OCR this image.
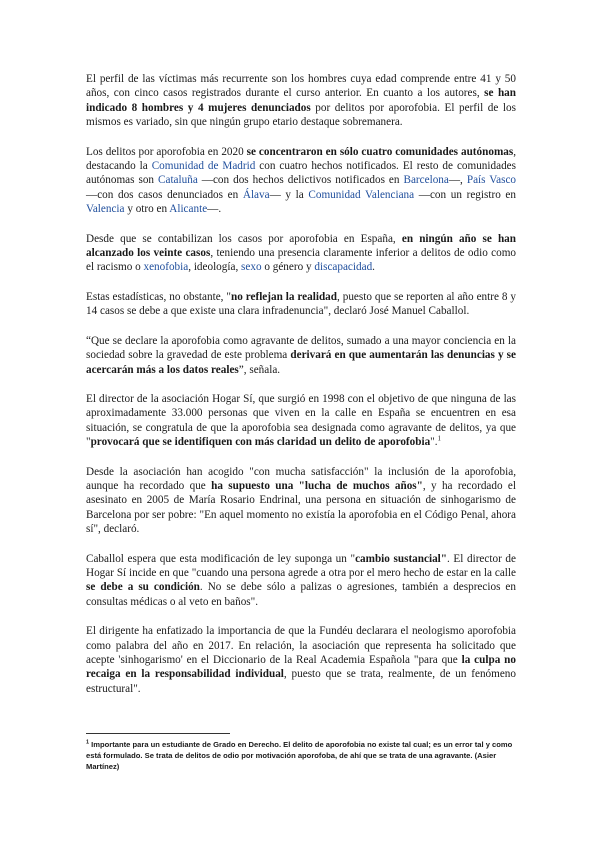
El perfil de las víctimas más recurrente son los hombres cuya edad comprende entre 41 y 50 años, con cinco casos registrados durante el curso anterior. En cuanto a los autores, se han indicado 8 hombres y 4 mujeres denunciados por delitos por aporofobia. El perfil de los mismos es variado, sin que ningún grupo etario destaque sobremanera.

Los delitos por aporofobia en 2020 se concentraron en sólo cuatro comunidades autónomas, destacando la Comunidad de Madrid con cuatro hechos notificados. El resto de comunidades autónomas son Cataluña —con dos hechos delictivos notificados en Barcelona—, País Vasco —con dos casos denunciados en Álava— y la Comunidad Valenciana —con un registro en Valencia y otro en Alicante—.

Desde que se contabilizan los casos por aporofobia en España, en ningún año se han alcanzado los veinte casos, teniendo una presencia claramente inferior a delitos de odio como el racismo o xenofobia, ideología, sexo o género y discapacidad.

Estas estadísticas, no obstante, "no reflejan la realidad, puesto que se reporten al año entre 8 y 14 casos se debe a que existe una clara infradenuncia", declaró José Manuel Caballol.

“Que se declare la aporofobia como agravante de delitos, sumado a una mayor conciencia en la sociedad sobre la gravedad de este problema derivará en que aumentarán las denuncias y se acercarán más a los datos reales”, señala.

El director de la asociación Hogar Sí, que surgió en 1998 con el objetivo de que ninguna de las aproximadamente 33.000 personas que viven en la calle en España se encuentren en esa situación, se congratula de que la aporofobia sea designada como agravante de delitos, ya que "provocará que se identifiquen con más claridad un delito de aporofobia".$^1$

Desde la asociación han acogido "con mucha satisfacción" la inclusión de la aporofobia, aunque ha recordado que ha supuesto una "lucha de muchos años", y ha recordado el asesinato en 2005 de María Rosario Endrinal, una persona en situación de sinhogarismo de Barcelona por ser pobre: "En aquel momento no existía la aporofobia en el Código Penal, ahora sí", declaró.

Caballol espera que esta modificación de ley suponga un "cambio sustancial". El director de Hogar Sí incide en que "cuando una persona agrede a otra por el mero hecho de estar en la calle se debe a su condición. No se debe sólo a palizas o agresiones, también a desprecios en consultas médicas o al veto en baños".

El dirigente ha enfatizado la importancia de que la Fundéu declarara el neologismo aporofobia como palabra del año en 2017. En relación, la asociación que representa ha solicitado que acepte 'sinhogarismo' en el Diccionario de la Real Academia Española "para que la culpa no recaiga en la responsabilidad individual, puesto que se trata, realmente, de un fenómeno estructural".

$^1$ Importante para un estudiante de Grado en Derecho. El delito de aporofobia no existe tal cual; es un error tal y como está formulado. Se trata de delitos de odio por motivación aporofoba, de ahí que se trata de una agravante. (Asier Martínez)
